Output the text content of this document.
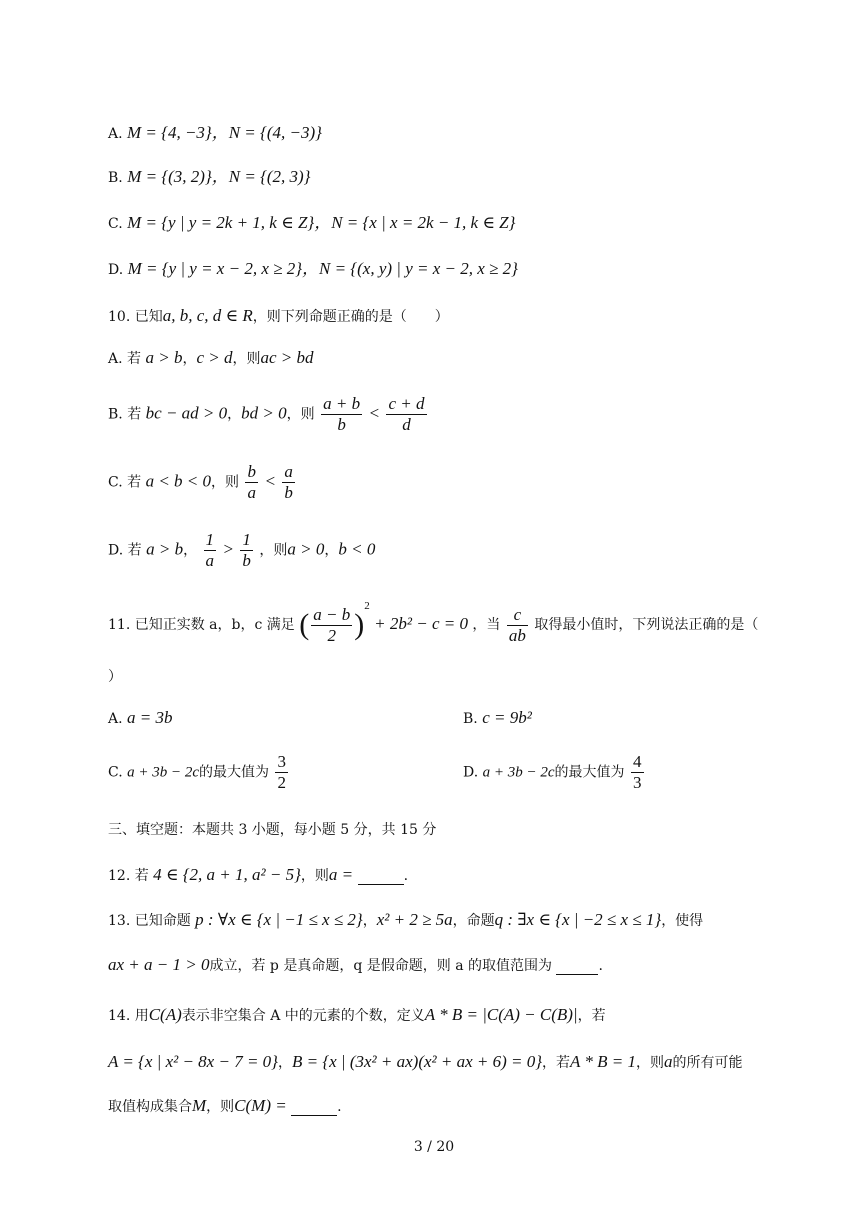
A. M = {4, −3}，N = {(4, −3)}
B. M = {(3, 2)}，N = {(2, 3)}
C. M = {y | y = 2k + 1, k ∈ Z}，N = {x | x = 2k − 1, k ∈ Z}
D. M = {y | y = x − 2, x ≥ 2}，N = {(x, y) | y = x − 2, x ≥ 2}
10. 已知a, b, c, d ∈ R，则下列命题正确的是（　　）
A. 若 a > b，c > d，则ac > bd
B. 若 bc − ad > 0，bd > 0，则 $\frac{a + b}{b} < \frac{c + d}{d}$
C. 若 a < b < 0，则 $\frac{b}{a} < \frac{a}{b}$
D. 若 a > b， $\frac{1}{a} > \frac{1}{b}$ ，则a > 0，b < 0
11. 已知正实数 a，b，c 满足 ( $\frac{a - b}{2} )^2 + 2b^2 - c = 0$ ，当 $\frac{c}{ab}$ 取得最小值时，下列说法正确的是（
）
A. a = 3b	B. c = 9b²
C. a + 3b − 2c的最大值为 $\frac{3}{2}$	D. a + 3b − 2c的最大值为 $\frac{4}{3}$
三、填空题：本题共 3 小题，每小题 5 分，共 15 分
12. 若 4 ∈ {2, a + 1, a² − 5}，则a =	.
13. 已知命题 p : ∀x ∈ {x | −1 ≤ x ≤ 2}，x² + 2 ≥ 5a，命题q : ∃x ∈ {x | −2 ≤ x ≤ 1}，使得
ax + a − 1 > 0成立，若 p 是真命题，q 是假命题，则 a 的取值范围为	.
14. 用C(A)表示非空集合 A 中的元素的个数，定义A * B = |C(A) − C(B)|，若
A = {x | x² − 8x − 7 = 0}，B = {x | (3x² + ax)(x² + ax + 6) = 0}，若A * B = 1，则a的所有可能
取值构成集合M，则C(M) =	.
3 / 20
